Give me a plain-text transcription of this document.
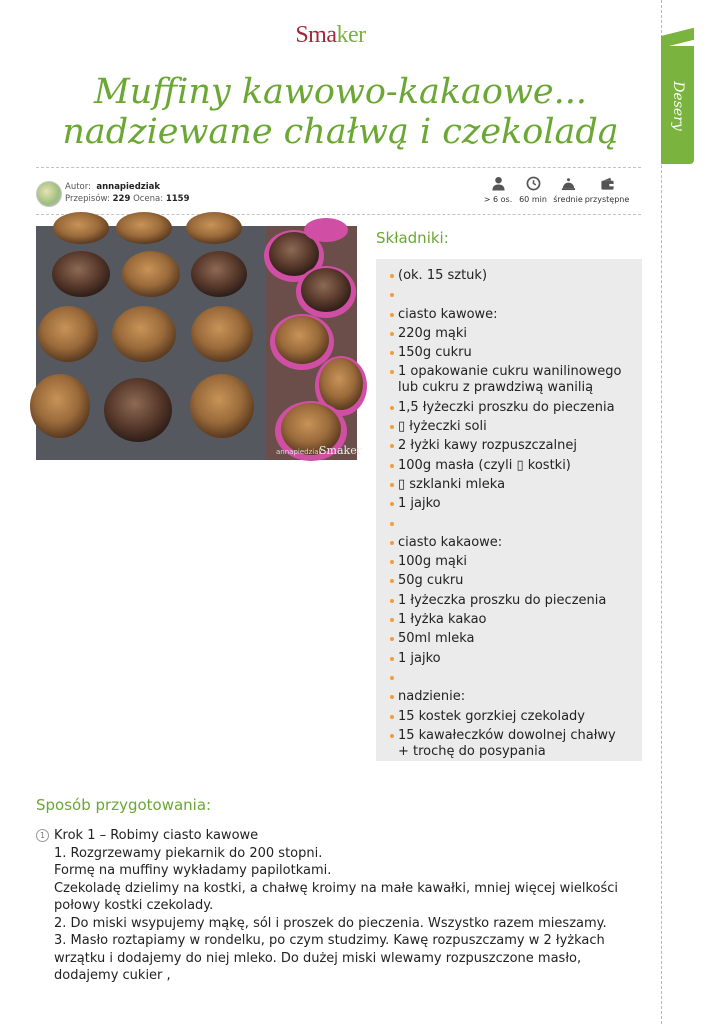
Desery
Smaker
Muffiny kawowo-kakaowe...
nadziewane chałwą i czekoladą
Autor: annapiedziak
Przepisów: 229 Ocena: 1159	> 6 os. 60 min średnie przystępne
annapiedziak
Smaker
Składniki:
(ok. 15 sztuk)
ciasto kawowe:
220g mąki
150g cukru
1 opakowanie cukru wanilinowego lub cukru z prawdziwą wanilią
1,5 łyżeczki proszku do pieczenia
▯ łyżeczki soli
2 łyżki kawy rozpuszczalnej
100g masła (czyli ▯ kostki)
▯ szklanki mleka
1 jajko
ciasto kakaowe:
100g mąki
50g cukru
1 łyżeczka proszku do pieczenia
1 łyżka kakao
50ml mleka
1 jajko
nadzienie:
15 kostek gorzkiej czekolady
15 kawałeczków dowolnej chałwy + trochę do posypania
Sposób przygotowania:
1 Krok 1 – Robimy ciasto kawowe
1. Rozgrzewamy piekarnik do 200 stopni.
Formę na muffiny wykładamy papilotkami.
Czekoladę dzielimy na kostki, a chałwę kroimy na małe kawałki, mniej więcej wielkości połowy kostki czekolady.
2. Do miski wsypujemy mąkę, sól i proszek do pieczenia. Wszystko razem mieszamy.
3. Masło roztapiamy w rondelku, po czym studzimy. Kawę rozpuszczamy w 2 łyżkach wrzątku i dodajemy do niej mleko. Do dużej miski wlewamy rozpuszczone masło, dodajemy cukier ,
